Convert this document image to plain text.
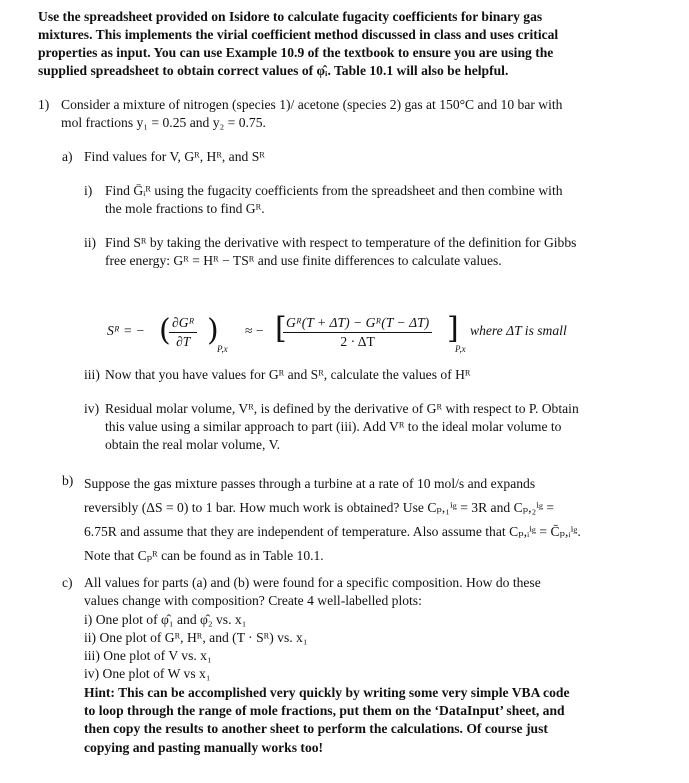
Use the spreadsheet provided on Isidore to calculate fugacity coefficients for binary gas

mixtures. This implements the virial coefficient method discussed in class and uses critical

properties as input. You can use Example 10.9 of the textbook to ensure you are using the

supplied spreadsheet to obtain correct values of φ̂ᵢ. Table 10.1 will also be helpful.

1) Consider a mixture of nitrogen (species 1)/ acetone (species 2) gas at 150°C and 10 bar with

mol fractions y₁ = 0.25 and y₂ = 0.75.

a) Find values for V, Gᴿ, Hᴿ, and Sᴿ
i) Find Ḡᵢᴿ using the fugacity coefficients from the spreadsheet and then combine with

the mole fractions to find Gᴿ.

ii) Find Sᴿ by taking the derivative with respect to temperature of the definition for Gibbs

free energy: Gᴿ = Hᴿ − TSᴿ and use finite differences to calculate values.

Sᴿ = − (
$\frac{\text{∂Gᴿ}}{\partial T}$ )
P,x
≈ − [
$\frac{\text{Gᴿ(T + ΔT) − Gᴿ(T − ΔT)}}{2 \cdot \Delta T}$ ]
P,x
where ΔT is small
iii) Now that you have values for Gᴿ and Sᴿ, calculate the values of Hᴿ
iv) Residual molar volume, Vᴿ, is defined by the derivative of Gᴿ with respect to P. Obtain

this value using a similar approach to part (iii). Add Vᴿ to the ideal molar volume to

obtain the real molar volume, V.

b) Suppose the gas mixture passes through a turbine at a rate of 10 mol/s and expands

reversibly (ΔS = 0) to 1 bar. How much work is obtained? Use Cₚ,₁ⁱᵍ = 3R and Cₚ,₂ⁱᵍ =

6.75R and assume that they are independent of temperature. Also assume that Cₚ,ᵢⁱᵍ = C̄ₚ,ᵢⁱᵍ.

Note that Cₚᴿ can be found as in Table 10.1.

c) All values for parts (a) and (b) were found for a specific composition. How do these

values change with composition? Create 4 well-labelled plots:

i) One plot of φ̂₁ and φ̂₂ vs. x₁

ii) One plot of Gᴿ, Hᴿ, and (T · Sᴿ) vs. x₁

iii) One plot of V vs. x₁

iv) One plot of W vs x₁

Hint: This can be accomplished very quickly by writing some very simple VBA code

to loop through the range of mole fractions, put them on the ‘DataInput’ sheet, and

then copy the results to another sheet to perform the calculations. Of course just

copying and pasting manually works too!
